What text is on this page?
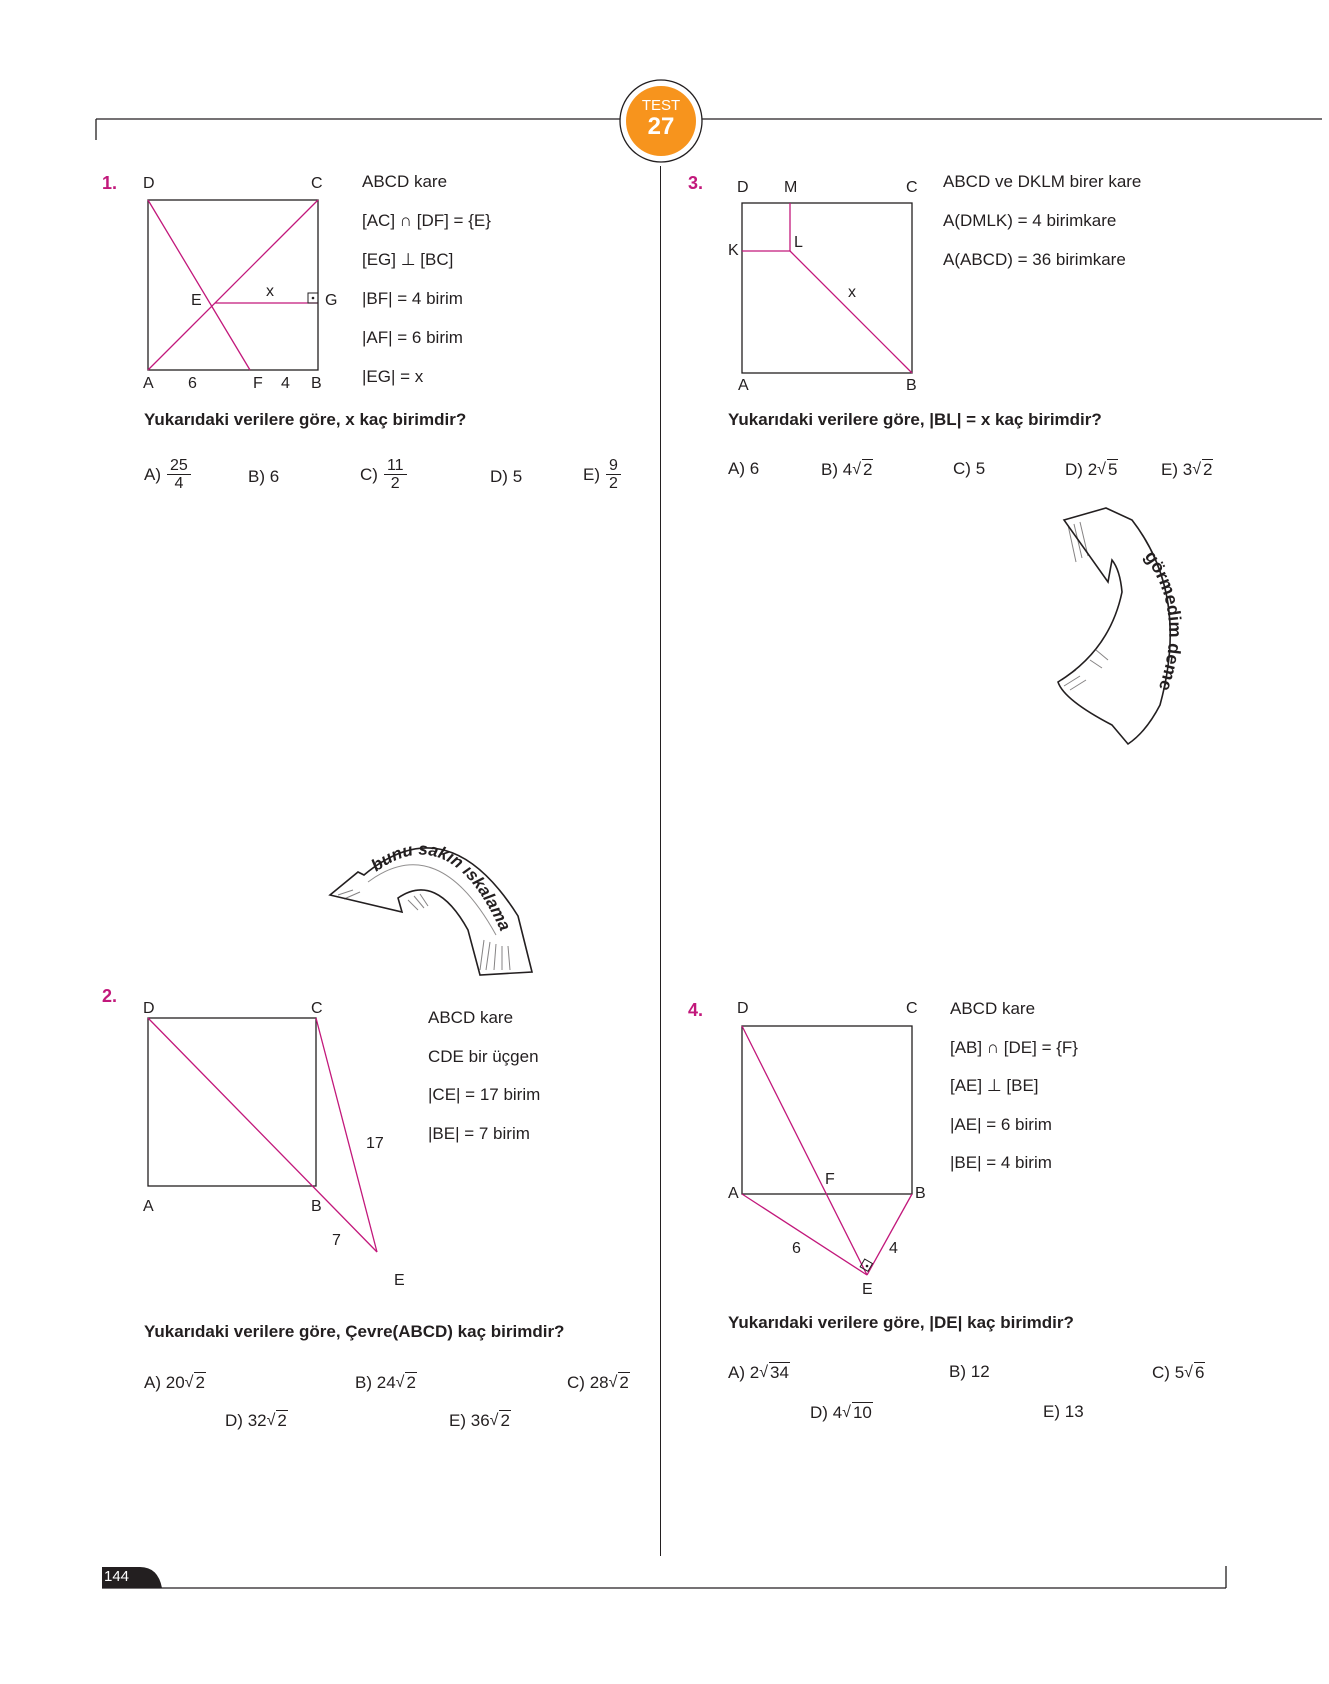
TEST
27
1. D	C
E
x
G
A 6	F 4 B
ABCD kare
[AC] ∩ [DF] = {E}
[EG] ⊥ [BC]
|BF| = 4 birim
|AF| = 6 birim
|EG| = x
Yukarıdaki verilere göre, x kaç birimdir?
$A) \frac{25}{4}$	B)
6	$C) \frac{11}{2}$	D)
5	$E) \frac{9}{2}$
bunu sakın ıskalama
2.
D	C
17
A	B
7
E
ABCD kare
CDE bir üçgen
|CE| = 17 birim
|BE| = 7 birim
Yukarıdaki verilere göre, Çevre(ABCD) kaç birimdir?
A)
20 √ 2	B)
24 √ 2	C)
28 √ 2
D)
32 √ 2	E)
36 √ 2
3. D M	C
K	L
x
A	B
ABCD ve DKLM birer kare
A(DMLK) = 4 birimkare
A(ABCD) = 36 birimkare
Yukarıdaki verilere göre, |BL| = x kaç birimdir?
A)
6	B)
4 √ 2	C)
5	D)
2 √ 5	E)
3 √ 2
görmedim deme
4. D	C
F
A	B
6	4
E
ABCD kare
[AB] ∩ [DE] = {F}
[AE] ⊥ [BE]
|AE| = 6 birim
|BE| = 4 birim
Yukarıdaki verilere göre, |DE| kaç birimdir?
A)
2 √ 34	B)
12	C)
5 √ 6
D)
4 √ 10	E)
13
144
